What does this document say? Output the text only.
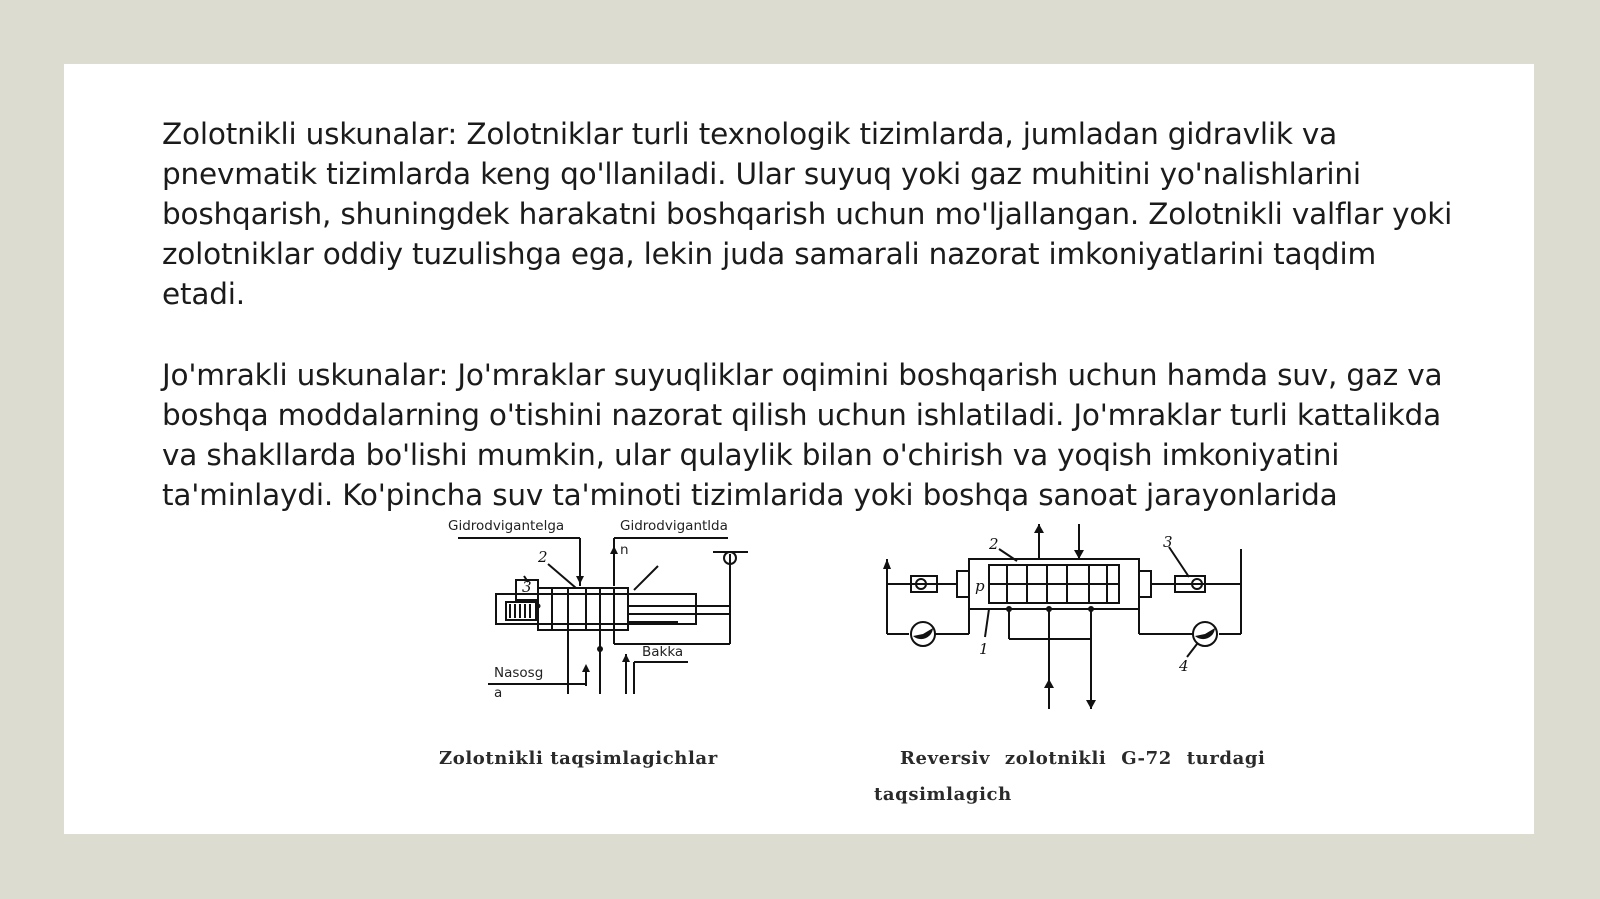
Zolotnikli uskunalar: Zolotniklar turli texnologik tizimlarda, jumladan gidravlik va pnevmatik tizimlarda keng qo'llaniladi. Ular suyuq yoki gaz muhitini yo'nalishlarini boshqarish, shuningdek harakatni boshqarish uchun mo'ljallangan. Zolotnikli valflar yoki zolotniklar oddiy tuzulishga ega, lekin juda samarali nazorat imkoniyatlarini taqdim etadi.

Jo'mrakli uskunalar: Jo'mraklar suyuqliklar oqimini boshqarish uchun hamda suv, gaz va boshqa moddalarning o'tishini nazorat qilish uchun ishlatiladi. Jo'mraklar turli kattalikda va shakllarda bo'lishi mumkin, ular qulaylik bilan o'chirish va yoqish imkoniyatini ta'minlaydi. Ko'pincha suv ta'minoti tizimlarida yoki boshqa sanoat jarayonlarida

Gidrodvigantelga	Gidrodvigantlda
Bakka
Nasosg
a
2
3
n	2	3
1
4
p
Zolotnikli taqsimlagichlar	Reversiv zolotnikli G-72 turdagi
taqsimlagich
